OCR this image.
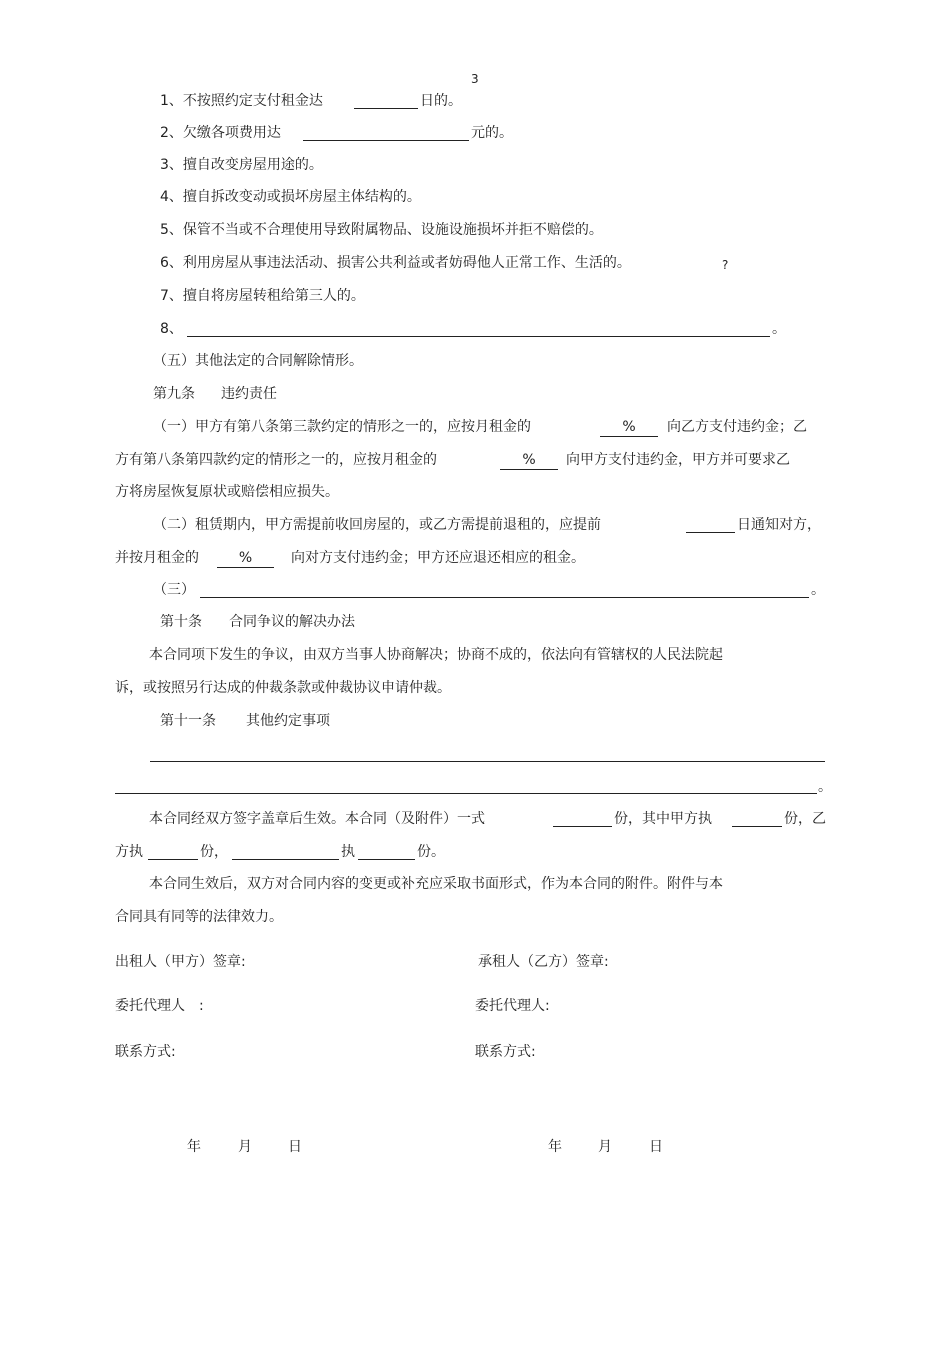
3
1、不按照约定支付租金达	日的。
2、欠缴各项费用达	元的。
3、擅自改变房屋用途的。
4、擅自拆改变动或损坏房屋主体结构的。
5、保管不当或不合理使用导致附属物品、设施设施损坏并拒不赔偿的。
6、利用房屋从事违法活动、损害公共利益或者妨碍他人正常工作、生活的。	?
7、擅自将房屋转租给第三人的。
8、	。
（五）其他法定的合同解除情形。
第九条 违约责任
（一）甲方有第八条第三款约定的情形之一的，应按月租金的	%	向乙方支付违约金；乙
方有第八条第四款约定的情形之一的，应按月租金的	%	向甲方支付违约金，甲方并可要求乙
方将房屋恢复原状或赔偿相应损失。
（二）租赁期内，甲方需提前收回房屋的，或乙方需提前退租的，应提前	日通知对方，
并按月租金的	%	向对方支付违约金；甲方还应退还相应的租金。
（三）	。
第十条 合同争议的解决办法
本合同项下发生的争议，由双方当事人协商解决；协商不成的，依法向有管辖权的人民法院起
诉，或按照另行达成的仲裁条款或仲裁协议申请仲裁。
第十一条 其他约定事项
。
本合同经双方签字盖章后生效。本合同（及附件）一式	份，其中甲方执	份，乙
方执	份，	执	份。
本合同生效后，双方对合同内容的变更或补充应采取书面形式，作为本合同的附件。附件与本
合同具有同等的法律效力。
出租人（甲方）签章:	承租人（乙方）签章:
委托代理人　:	委托代理人:
联系方式:	联系方式:
年	月	日	年	月	日
